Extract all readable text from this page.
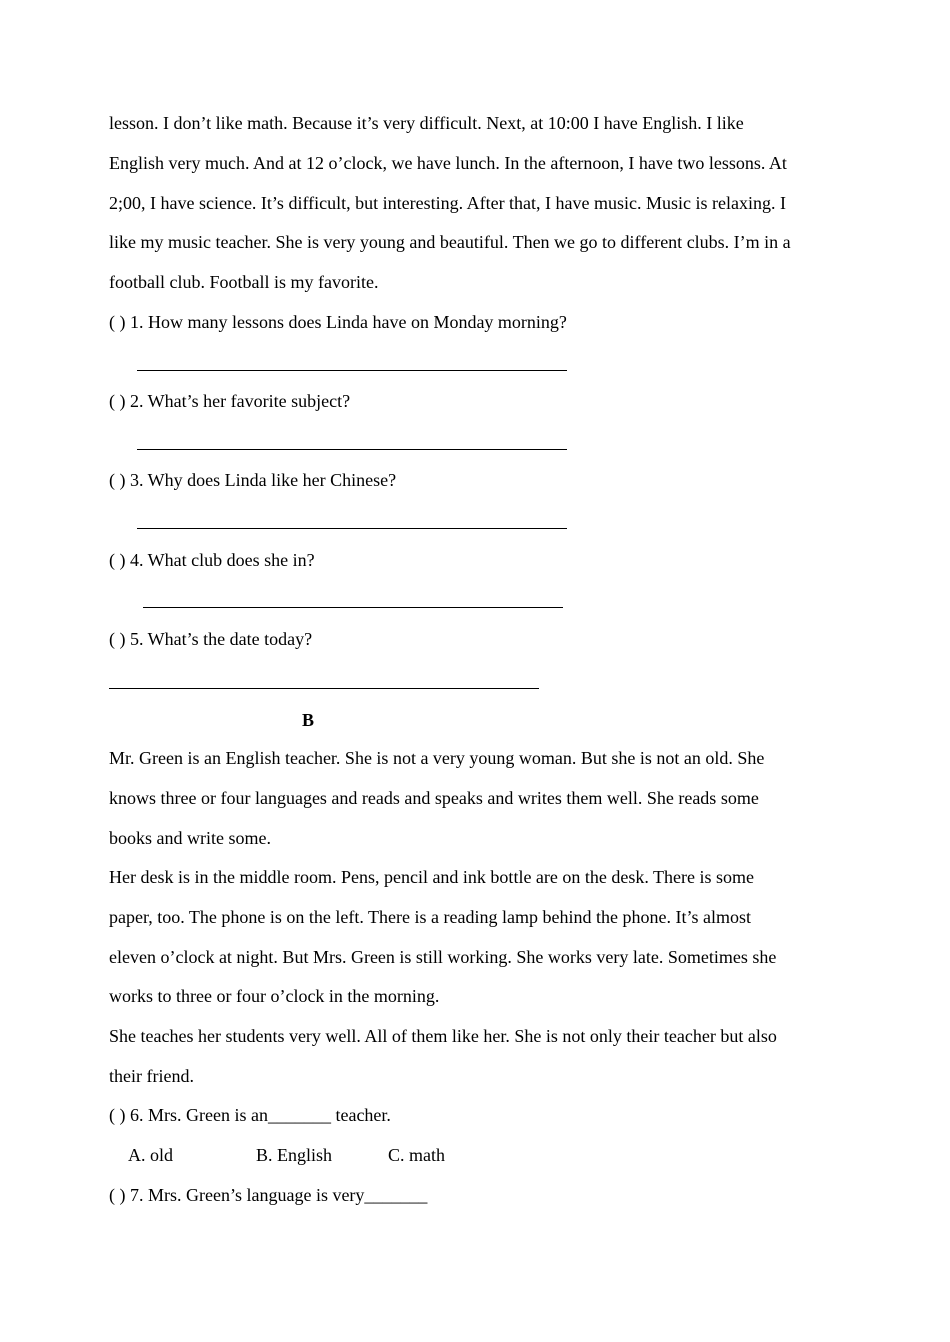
lesson. I don’t like math. Because it’s very difficult. Next, at 10:00 I have English. I like
English very much. And at 12 o’clock, we have lunch. In the afternoon, I have two lessons. At
2;00, I have science. It’s difficult, but interesting. After that, I have music. Music is relaxing. I
like my music teacher. She is very young and beautiful. Then we go to different clubs. I’m in a
football club. Football is my favorite.
( ) 1. How many lessons does Linda have on Monday morning?
( ) 2. What’s her favorite subject?
( ) 3. Why does Linda like her Chinese?
( ) 4. What club does she in?
( ) 5. What’s the date today?
B
Mr. Green is an English teacher. She is not a very young woman. But she is not an old. She
knows three or four languages and reads and speaks and writes them well. She reads some
books and write some.
Her desk is in the middle room. Pens, pencil and ink bottle are on the desk. There is some
paper, too. The phone is on the left. There is a reading lamp behind the phone. It’s almost
eleven o’clock at night. But Mrs. Green is still working. She works very late. Sometimes she
works to three or four o’clock in the morning.
She teaches her students very well. All of them like her. She is not only their teacher but also
their friend.
( ) 6. Mrs. Green is an_______ teacher.
A. old	B. English	C. math
( ) 7. Mrs. Green’s language is very_______
